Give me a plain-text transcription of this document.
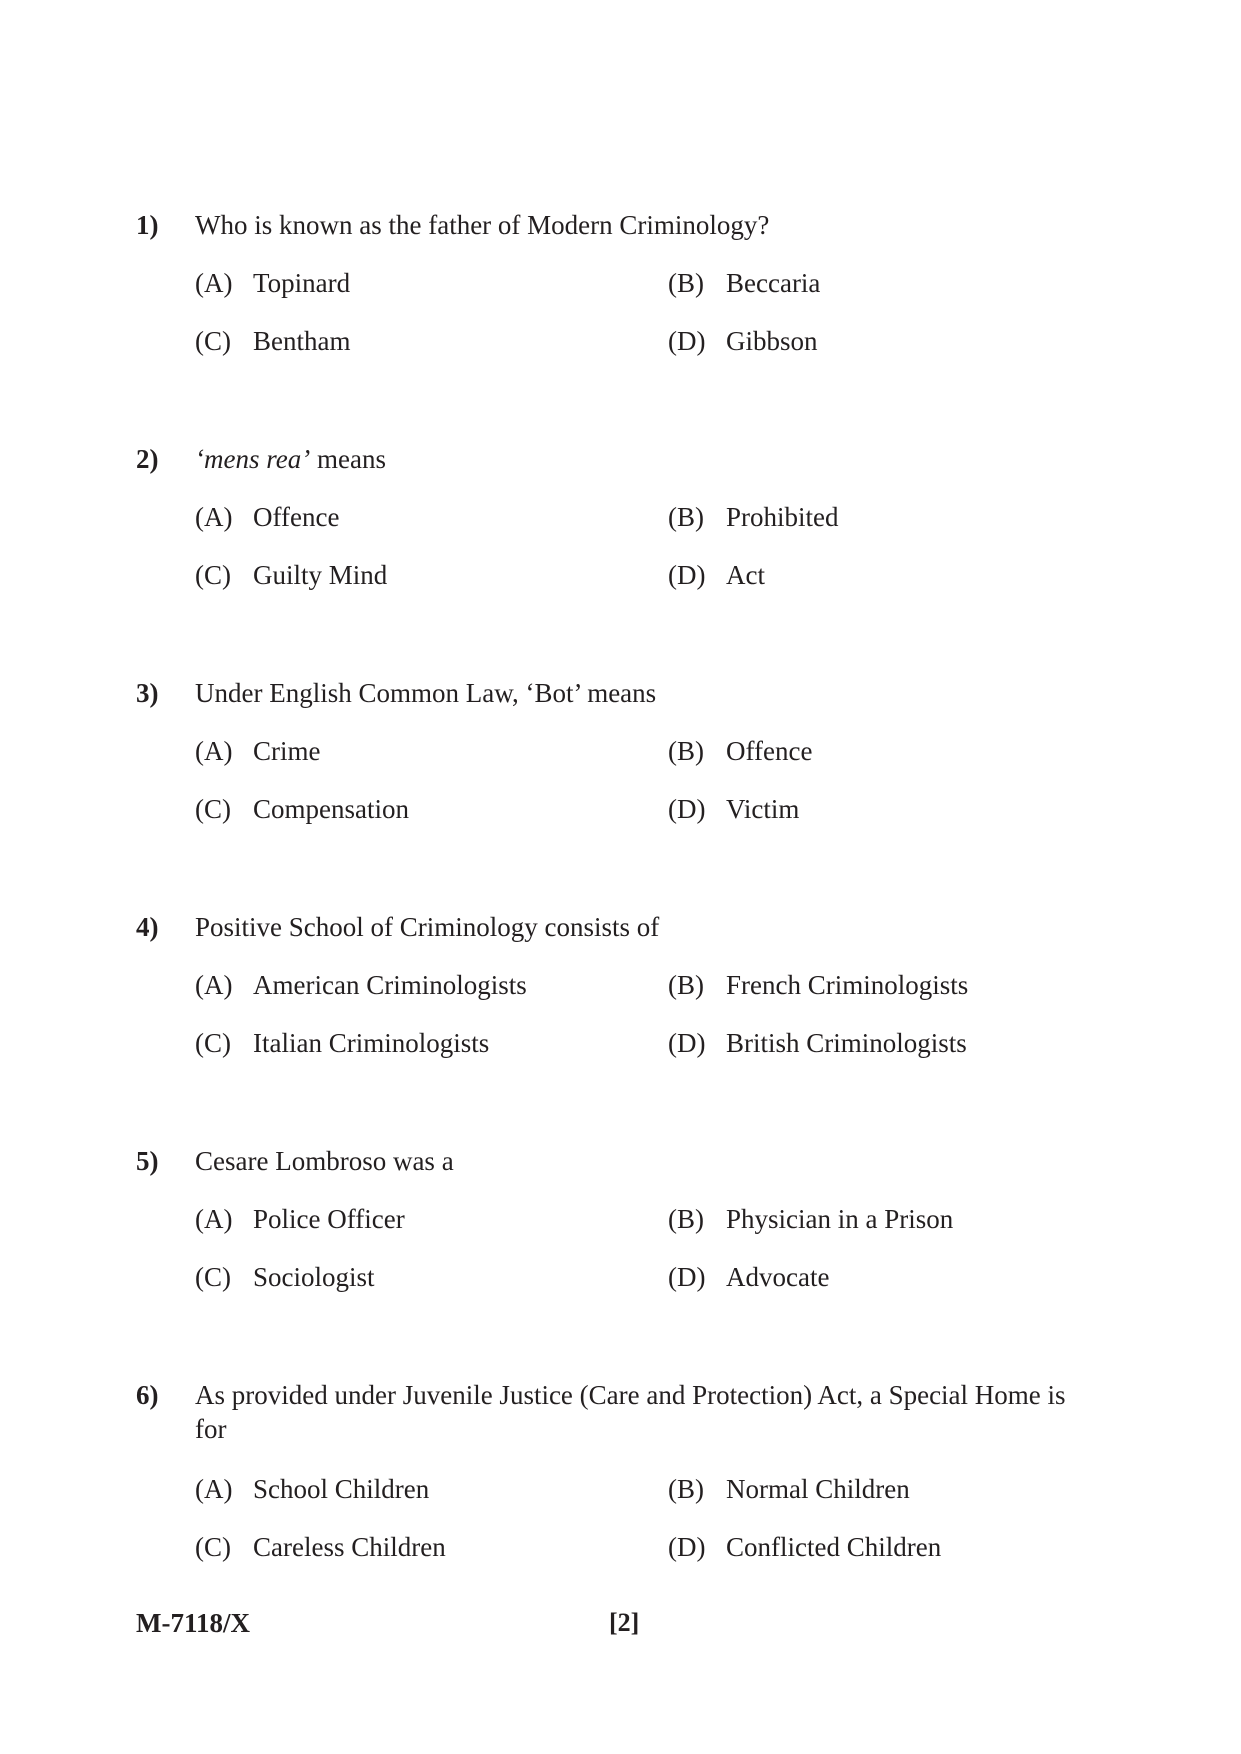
1) Who is known as the father of Modern Criminology?
(A) Topinard	(B) Beccaria
(C) Bentham	(D) Gibbson
2) ‘mens rea’ means
(A) Offence	(B) Prohibited
(C) Guilty Mind	(D) Act
3) Under English Common Law, ‘Bot’ means
(A) Crime	(B) Offence
(C) Compensation	(D) Victim
4) Positive School of Criminology consists of
(A) American Criminologists	(B) French Criminologists
(C) Italian Criminologists	(D) British Criminologists
5) Cesare Lombroso was a
(A) Police Officer	(B) Physician in a Prison
(C) Sociologist	(D) Advocate
6) As provided under Juvenile Justice (Care and Protection) Act, a Special Home is for
(A) School Children	(B) Normal Children
(C) Careless Children	(D) Conflicted Children
M-7118/X	[2]
